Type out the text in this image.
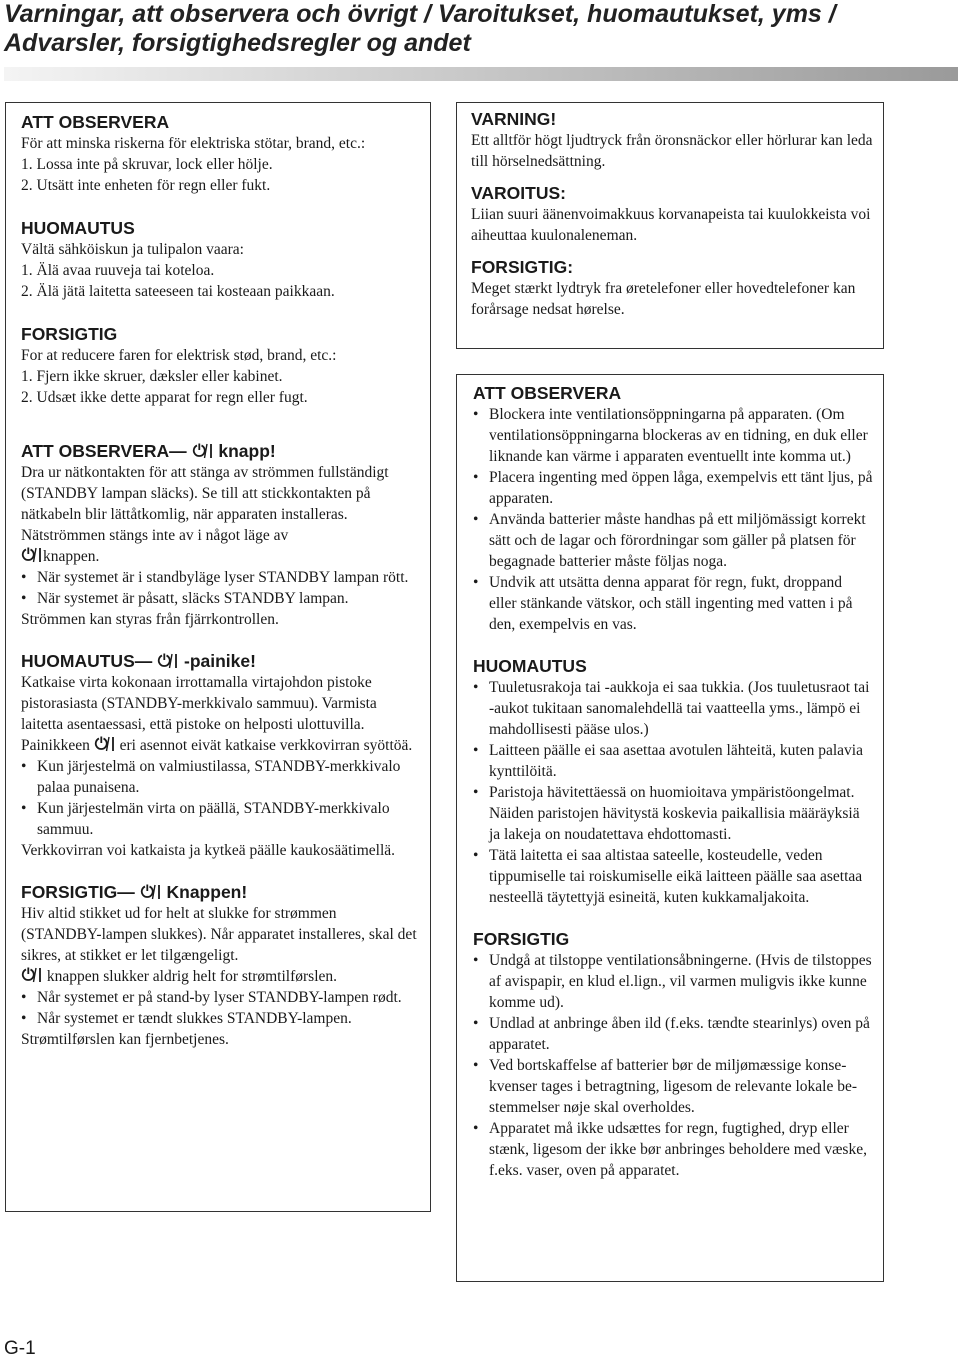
Varningar, att observera och övrigt / Varoitukset, huomautukset, yms /
Advarsler, forsigtighedsregler og andet

ATT OBSERVERA

För att minska riskerna för elektriska stötar, brand, etc.:

1. Lossa inte på skruvar, lock eller hölje.

2. Utsätt inte enheten för regn eller fukt.

HUOMAUTUS

Vältä sähköiskun ja tulipalon vaara:

1. Älä avaa ruuveja tai koteloa.

2. Älä jätä laitetta sateeseen tai kosteaan paikkaan.

FORSIGTIG

For at reducere faren for elektrisk stød, brand, etc.:

1. Fjern ikke skruer, dæksler eller kabinet.

2. Udsæt ikke dette apparat for regn eller fugt.

ATT OBSERVERA— knapp!

Dra ur nätkontakten för att stänga av strömmen fullständigt (STANDBY lampan släcks). Se till att stickkontakten på nätkabeln blir lättåtkomlig, när apparaten installeras.

Nätströmmen stängs inte av i något läge av

knappen.

• När systemet är i standbyläge lyser STANDBY lampan rött.

• När systemet är påsatt, släcks STANDBY lampan.

Strömmen kan styras från fjärrkontrollen.

HUOMAUTUS— -painike!

Katkaise virta kokonaan irrottamalla virtajohdon pistoke pistorasiasta (STANDBY-merkkivalo sammuu). Varmista laitetta asentaessasi, että pistoke on helposti ulottuvilla.

Painikkeen eri asennot eivät katkaise verkkovirran syöttöä.

• Kun järjestelmä on valmiustilassa, STANDBY-merkkivalo palaa punaisena.

• Kun järjestelmän virta on päällä, STANDBY-merkkivalo sammuu.

Verkkovirran voi katkaista ja kytkeä päälle kaukosäätimellä.

FORSIGTIG— Knappen!

Hiv altid stikket ud for helt at slukke for strømmen (STANDBY-lampen slukkes). Når apparatet installeres, skal det sikres, at stikket er let tilgængeligt.

knappen slukker aldrig helt for strømtilførslen.

• Når systemet er på stand-by lyser STANDBY-lampen rødt.

• Når systemet er tændt slukkes STANDBY-lampen.

Strømtilførslen kan fjernbetjenes.

VARNING!

Ett alltför högt ljudtryck från öronsnäckor eller hörlurar kan leda till hörselnedsättning.

VAROITUS:

Liian suuri äänenvoimakkuus korvanapeista tai kuulokkeista voi aiheuttaa kuulonaleneman.

FORSIGTIG:

Meget stærkt lydtryk fra øretelefoner eller hovedtelefoner kan forårsage nedsat hørelse.

ATT OBSERVERA

• Blockera inte ventilationsöppningarna på apparaten. (Om ventilationsöppningarna blockeras av en tidning, en duk eller liknande kan värme i apparaten eventuellt inte komma ut.)

• Placera ingenting med öppen låga, exempelvis ett tänt ljus, på apparaten.

• Använda batterier måste handhas på ett miljömässigt korrekt sätt och de lagar och förordningar som gäller på platsen för begagnade batterier måste följas noga.

• Undvik att utsätta denna apparat för regn, fukt, droppand eller stänkande vätskor, och ställ ingenting med vatten i på den, exempelvis en vas.

HUOMAUTUS

• Tuuletusrakoja tai -aukkoja ei saa tukkia. (Jos tuuletusraot tai -aukot tukitaan sanomalehdellä tai vaatteella yms., lämpö ei mahdollisesti pääse ulos.)

• Laitteen päälle ei saa asettaa avotulen lähteitä, kuten palavia kynttilöitä.

• Paristoja hävitettäessä on huomioitava ympäristöongelmat. Näiden paristojen hävitystä koskevia paikallisia määräyksiä ja lakeja on noudatettava ehdottomasti.

• Tätä laitetta ei saa altistaa sateelle, kosteudelle, veden tippumiselle tai roiskumiselle eikä laitteen päälle saa asettaa nesteellä täytettyjä esineitä, kuten kukkamaljakoita.

FORSIGTIG

• Undgå at tilstoppe ventilationsåbningerne. (Hvis de tilstoppes af avispapir, en klud el.lign., vil varmen muligvis ikke kunne komme ud).

• Undlad at anbringe åben ild (f.eks. tændte stearinlys) oven på apparatet.

• Ved bortskaffelse af batterier bør de miljømæssige konse-kvenser tages i betragtning, ligesom de relevante lokale be-stemmelser nøje skal overholdes.

• Apparatet må ikke udsættes for regn, fugtighed, dryp eller stænk, ligesom der ikke bør anbringes beholdere med væske, f.eks. vaser, oven på apparatet.

G-1
